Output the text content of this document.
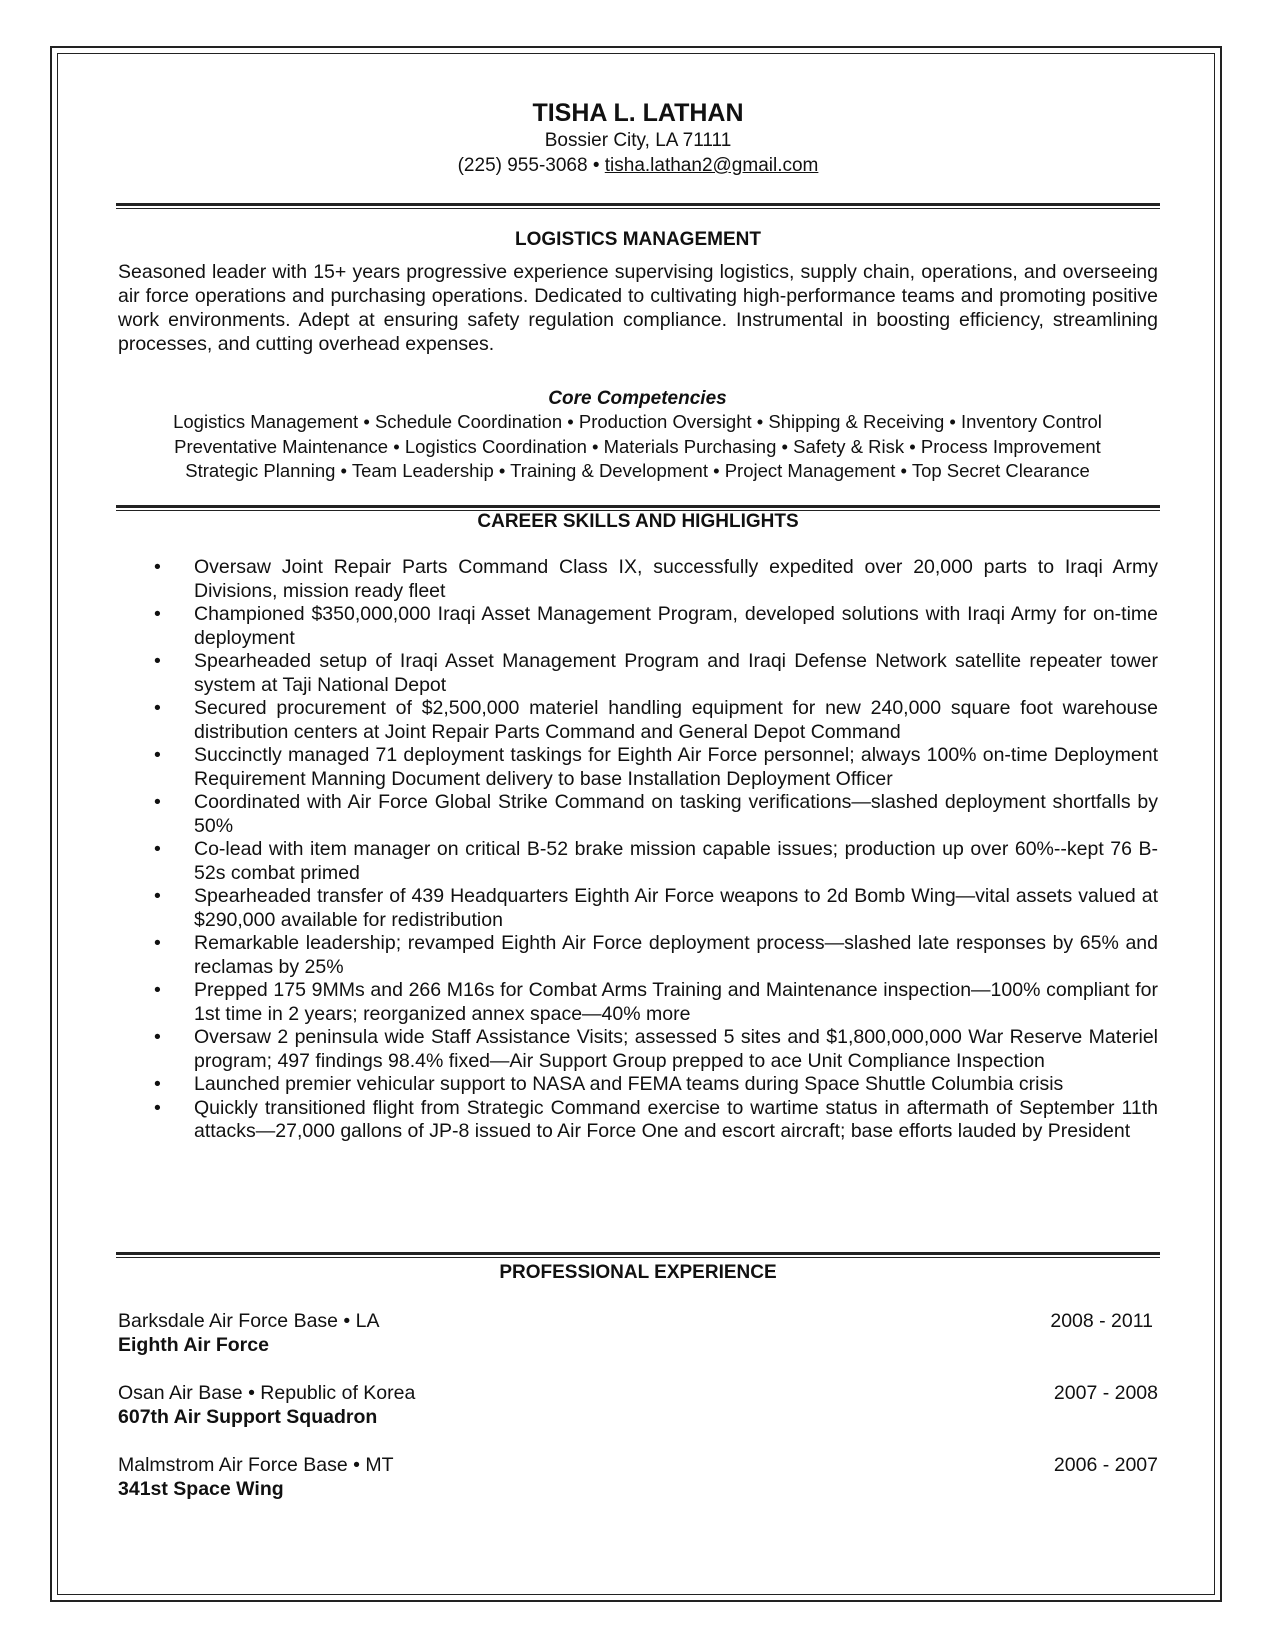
TISHA L. LATHAN

Bossier City, LA 71111

(225) 955-3068 • tisha.lathan2@gmail.com

LOGISTICS MANAGEMENT

Seasoned leader with 15+ years progressive experience supervising logistics, supply chain, operations, and overseeing air force operations and purchasing operations. Dedicated to cultivating high-performance teams and promoting positive work environments. Adept at ensuring safety regulation compliance. Instrumental in boosting efficiency, streamlining processes, and cutting overhead expenses.

Core Competencies

Logistics Management • Schedule Coordination • Production Oversight • Shipping & Receiving • Inventory Control

Preventative Maintenance • Logistics Coordination • Materials Purchasing • Safety & Risk • Process Improvement

Strategic Planning • Team Leadership • Training & Development • Project Management • Top Secret Clearance

CAREER SKILLS AND HIGHLIGHTS

• Oversaw Joint Repair Parts Command Class IX, successfully expedited over 20,000 parts to Iraqi Army Divisions, mission ready fleet
• Championed $350,000,000 Iraqi Asset Management Program, developed solutions with Iraqi Army for on-time deployment
• Spearheaded setup of Iraqi Asset Management Program and Iraqi Defense Network satellite repeater tower system at Taji National Depot
• Secured procurement of $2,500,000 materiel handling equipment for new 240,000 square foot warehouse distribution centers at Joint Repair Parts Command and General Depot Command
• Succinctly managed 71 deployment taskings for Eighth Air Force personnel; always 100% on-time Deployment Requirement Manning Document delivery to base Installation Deployment Officer
• Coordinated with Air Force Global Strike Command on tasking verifications—slashed deployment shortfalls by 50%
• Co-lead with item manager on critical B-52 brake mission capable issues; production up over 60%--kept 76 B-52s combat primed
• Spearheaded transfer of 439 Headquarters Eighth Air Force weapons to 2d Bomb Wing—vital assets valued at $290,000 available for redistribution
• Remarkable leadership; revamped Eighth Air Force deployment process—slashed late responses by 65% and reclamas by 25%
• Prepped 175 9MMs and 266 M16s for Combat Arms Training and Maintenance inspection—100% compliant for 1st time in 2 years; reorganized annex space—40% more
• Oversaw 2 peninsula wide Staff Assistance Visits; assessed 5 sites and $1,800,000,000 War Reserve Materiel program; 497 findings 98.4% fixed—Air Support Group prepped to ace Unit Compliance Inspection
• Launched premier vehicular support to NASA and FEMA teams during Space Shuttle Columbia crisis
• Quickly transitioned flight from Strategic Command exercise to wartime status in aftermath of September 11th attacks—27,000 gallons of JP-8 issued to Air Force One and escort aircraft; base efforts lauded by President

PROFESSIONAL EXPERIENCE

Barksdale Air Force Base • LA	2008 - 2011
Eighth Air Force
Osan Air Base • Republic of Korea	2007 - 2008
607th Air Support Squadron
Malmstrom Air Force Base • MT	2006 - 2007
341st Space Wing
